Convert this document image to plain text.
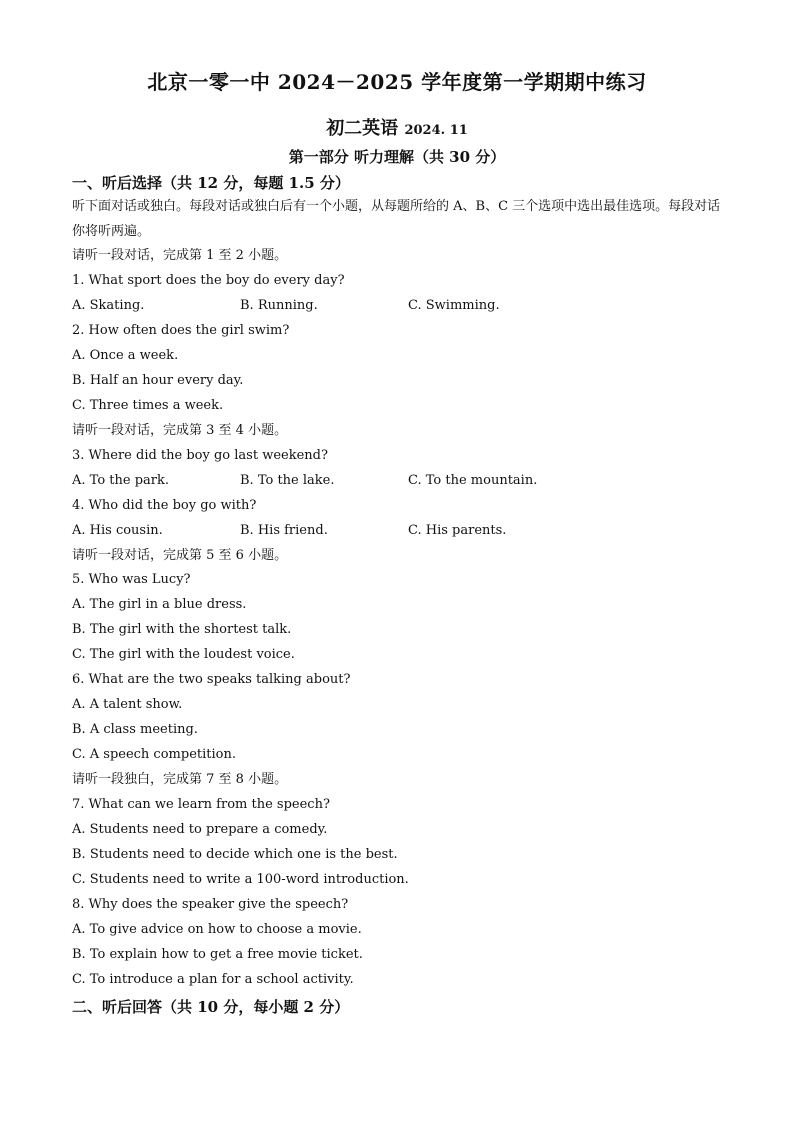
北京一零一中 2024－2025 学年度第一学期期中练习
初二英语 2024. 11
第一部分 听力理解（共 30 分）
一、听后选择（共 12 分，每题 1.5 分）
听下面对话或独白。每段对话或独白后有一个小题，从每题所给的 A、B、C 三个选项中选出最佳选项。每段对话你将听两遍。
请听一段对话，完成第 1 至 2 小题。
1. What sport does the boy do every day?
A. Skating.	B. Running.	C. Swimming.
2. How often does the girl swim?
A. Once a week.
B. Half an hour every day.
C. Three times a week.
请听一段对话，完成第 3 至 4 小题。
3. Where did the boy go last weekend?
A. To the park.	B. To the lake.	C. To the mountain.
4. Who did the boy go with?
A. His cousin.	B. His friend.	C. His parents.
请听一段对话，完成第 5 至 6 小题。
5. Who was Lucy?
A. The girl in a blue dress.
B. The girl with the shortest talk.
C. The girl with the loudest voice.
6. What are the two speaks talking about?
A. A talent show.
B. A class meeting.
C. A speech competition.
请听一段独白，完成第 7 至 8 小题。
7. What can we learn from the speech?
A. Students need to prepare a comedy.
B. Students need to decide which one is the best.
C. Students need to write a 100-word introduction.
8. Why does the speaker give the speech?
A. To give advice on how to choose a movie.
B. To explain how to get a free movie ticket.
C. To introduce a plan for a school activity.
二、听后回答（共 10 分，每小题 2 分）
